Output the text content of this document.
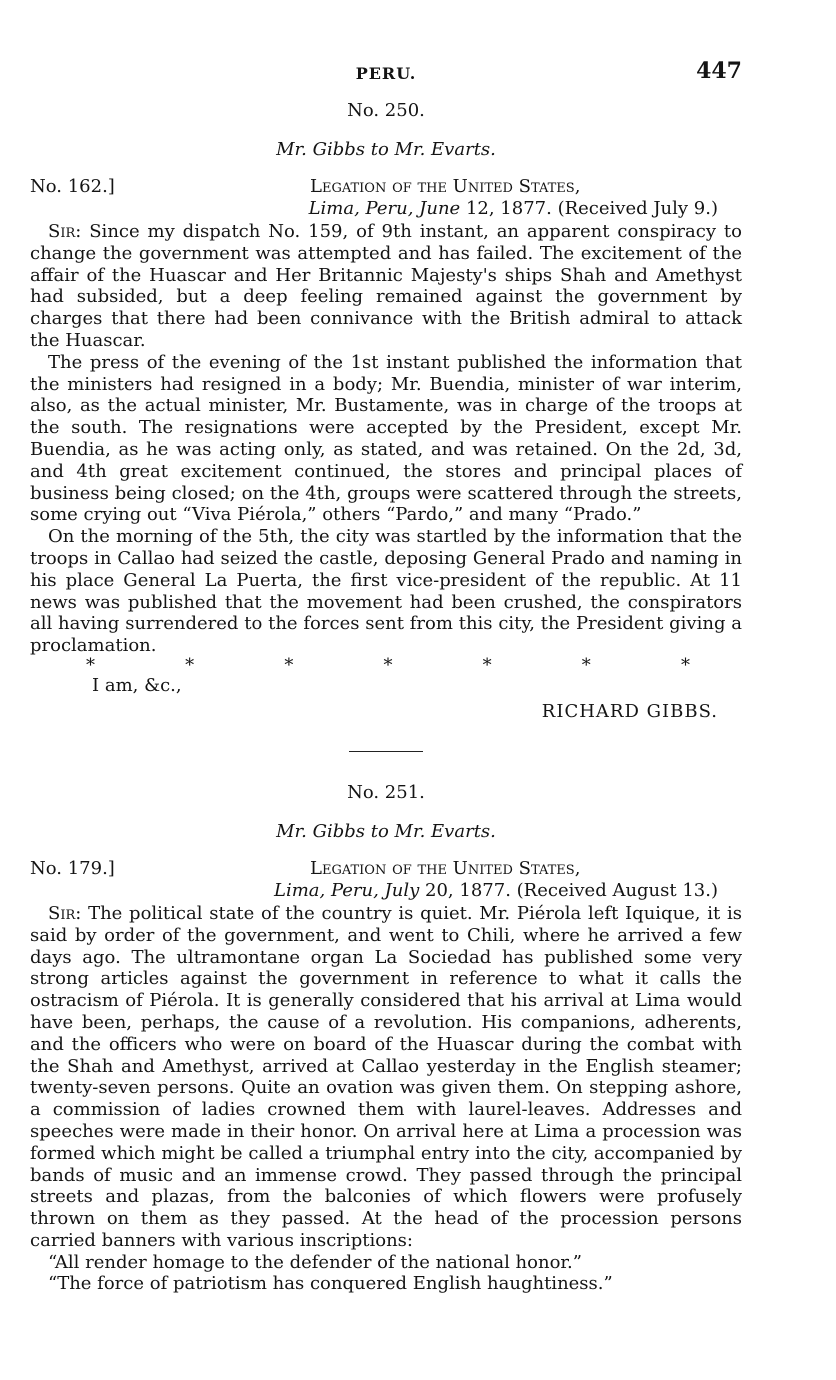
PERU.	447
No. 250.
Mr. Gibbs to Mr. Evarts.
No. 162.]	Legation of the United States,
Lima, Peru, June 12, 1877. (Received July 9.)

Sir: Since my dispatch No. 159, of 9th instant, an apparent conspiracy to change the government was attempted and has failed. The excitement of the affair of the Huascar and Her Britannic Majesty's ships Shah and Amethyst had subsided, but a deep feeling remained against the government by charges that there had been connivance with the British admiral to attack the Huascar.

The press of the evening of the 1st instant published the information that the ministers had resigned in a body; Mr. Buendia, minister of war interim, also, as the actual minister, Mr. Bustamente, was in charge of the troops at the south. The resignations were accepted by the President, except Mr. Buendia, as he was acting only, as stated, and was retained. On the 2d, 3d, and 4th great excitement continued, the stores and principal places of business being closed; on the 4th, groups were scattered through the streets, some crying out “Viva Piérola,” others “Pardo,” and many “Prado.”

On the morning of the 5th, the city was startled by the information that the troops in Callao had seized the castle, deposing General Prado and naming in his place General La Puerta, the first vice-president of the republic. At 11 news was published that the movement had been crushed, the conspirators all having surrendered to the forces sent from this city, the President giving a proclamation.

*	*	*	*	*	*	*
I am, &c.,
RICHARD GIBBS.
No. 251.
Mr. Gibbs to Mr. Evarts.
No. 179.]	Legation of the United States,
Lima, Peru, July 20, 1877. (Received August 13.)

Sir: The political state of the country is quiet. Mr. Piérola left Iquique, it is said by order of the government, and went to Chili, where he arrived a few days ago. The ultramontane organ La Sociedad has published some very strong articles against the government in reference to what it calls the ostracism of Piérola. It is generally considered that his arrival at Lima would have been, perhaps, the cause of a revolution. His companions, adherents, and the officers who were on board of the Huascar during the combat with the Shah and Amethyst, arrived at Callao yesterday in the English steamer; twenty-seven persons. Quite an ovation was given them. On stepping ashore, a commission of ladies crowned them with laurel-leaves. Addresses and speeches were made in their honor. On arrival here at Lima a procession was formed which might be called a triumphal entry into the city, accompanied by bands of music and an immense crowd. They passed through the principal streets and plazas, from the balconies of which flowers were profusely thrown on them as they passed. At the head of the procession persons carried banners with various inscriptions:

“All render homage to the defender of the national honor.”

“The force of patriotism has conquered English haughtiness.”
